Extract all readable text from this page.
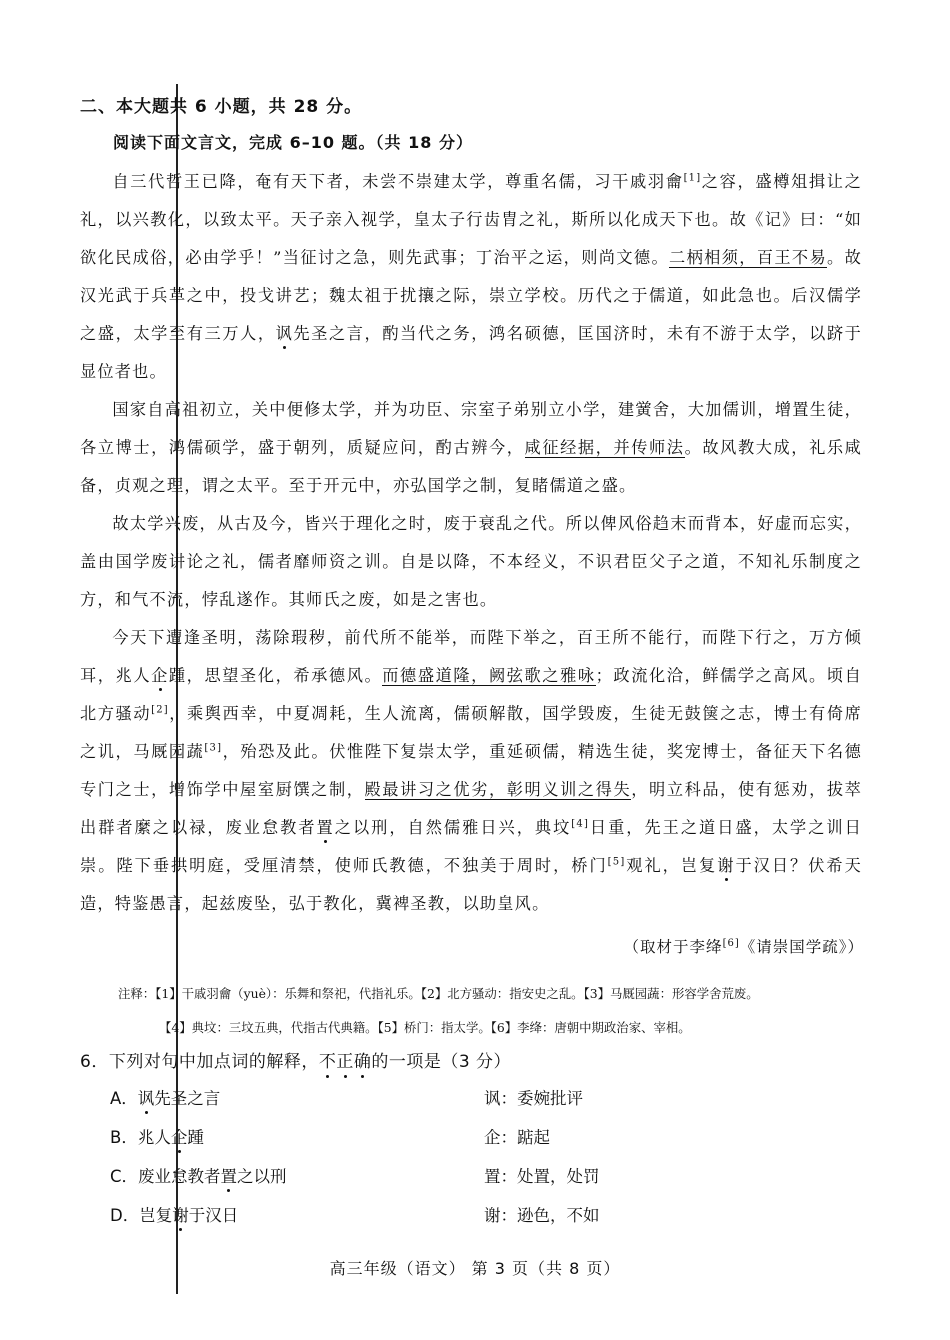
二、本大题共 6 小题，共 28 分。
阅读下面文言文，完成 6–10 题。（共 18 分）

自三代哲王已降，奄有天下者，未尝不崇建太学，尊重名儒，习干戚羽龠[1]之容，盛樽俎揖让之礼，以兴教化，以致太平。天子亲入视学，皇太子行齿胄之礼，斯所以化成天下也。故《记》曰：“如欲化民成俗，必由学乎！”当征讨之急，则先武事；丁治平之运，则尚文德。二柄相须，百王不易。故汉光武于兵革之中，投戈讲艺；魏太祖于扰攘之际，崇立学校。历代之于儒道，如此急也。后汉儒学之盛，太学至有三万人，讽先圣之言，酌当代之务，鸿名硕德，匡国济时，未有不游于太学，以跻于显位者也。

国家自高祖初立，关中便修太学，并为功臣、宗室子弟别立小学，建黉舍，大加儒训，增置生徒，各立博士，鸿儒硕学，盛于朝列，质疑应问，酌古辨今，咸征经据，并传师法。故风教大成，礼乐咸备，贞观之理，谓之太平。至于开元中，亦弘国学之制，复睹儒道之盛。

故太学兴废，从古及今，皆兴于理化之时，废于衰乱之代。所以俾风俗趋末而背本，好虚而忘实，盖由国学废讲论之礼，儒者靡师资之训。自是以降，不本经义，不识君臣父子之道，不知礼乐制度之方，和气不流，悖乱遂作。其师氏之废，如是之害也。

今天下遭逢圣明，荡除瑕秽，前代所不能举，而陛下举之，百王所不能行，而陛下行之，万方倾耳，兆人企踵，思望圣化，希承德风。而德盛道隆，阙弦歌之雅咏；政流化洽，鲜儒学之高风。顷自北方骚动[2]，乘舆西幸，中夏凋耗，生人流离，儒硕解散，国学毁废，生徒无鼓箧之志，博士有倚席之讥，马厩园蔬[3]，殆恐及此。伏惟陛下复崇太学，重延硕儒，精选生徒，奖宠博士，备征天下名德专门之士，增饰学中屋室厨馔之制，殿最讲习之优劣，彰明义训之得失，明立科品，使有惩劝，拔萃出群者縻之以禄，废业怠教者置之以刑，自然儒雅日兴，典坟[4]日重，先王之道日盛，太学之训日崇。陛下垂拱明庭，受厘清禁，使师氏教德，不独美于周时，桥门[5]观礼，岂复谢于汉日？伏希天造，特鉴愚言，起兹废坠，弘于教化，冀裨圣教，以助皇风。

（取材于李绛[6]《请崇国学疏》）
注释：【1】干戚羽龠（yuè）：乐舞和祭祀，代指礼乐。【2】北方骚动：指安史之乱。【3】马厩园蔬：形容学舍荒废。
【4】典坟：三坟五典，代指古代典籍。【5】桥门：指太学。【6】李绛：唐朝中期政治家、宰相。
6．下列对句中加点词的解释，不正确的一项是（3 分）
A．讽先圣之言	讽：委婉批评
B．兆人企踵	企：踮起
C．废业怠教者置之以刑	置：处置，处罚
D．岂复谢于汉日	谢：逊色，不如
高三年级（语文） 第 3 页（共 8 页）
